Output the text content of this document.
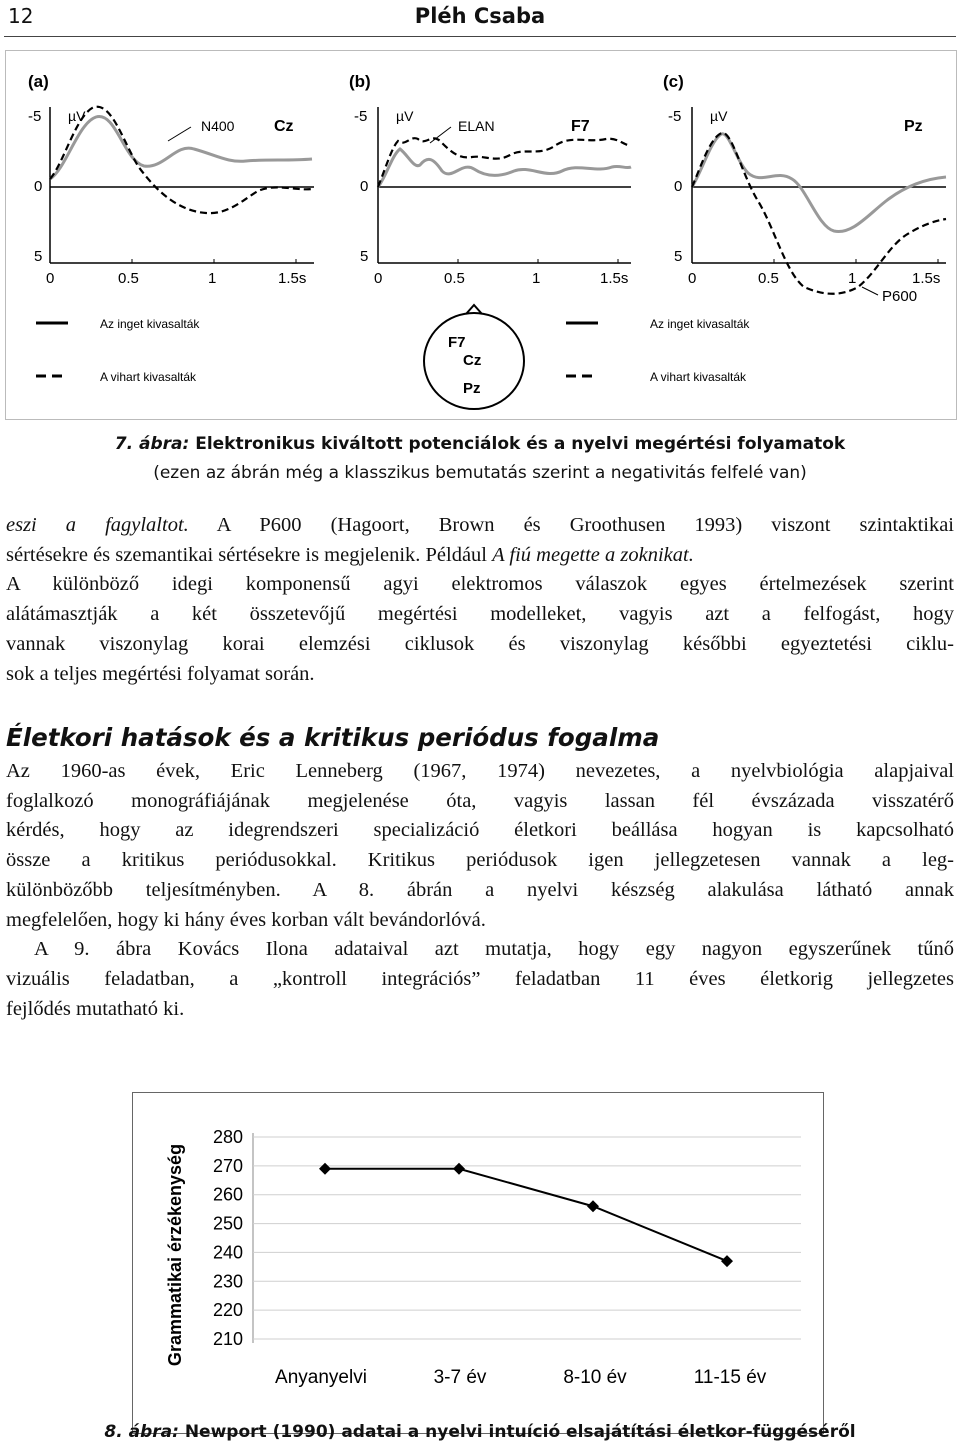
12	Pléh Csaba
(a)
-5
0
5
µV
N400 Cz
0	0.5	1	1.5s
(b)
-5
0
5
µV
ELAN	F7
0	0.5	1	1.5s
(c)
-5
0
5
µV
Pz
0	0.5	1	1.5s
P600
Az inget kivasalták
A vihart kivasalták
Az inget kivasalták
A vihart kivasalták
F7
Cz
Pz
7. ábra: Elektronikus kiváltott potenciálok és a nyelvi megértési folyamatok
(ezen az ábrán még a klasszikus bemutatás szerint a negativitás felfelé van)
eszi a fagylaltot. A P600 (Hagoort, Brown és Groothusen 1993) viszont szintaktikai
sértésekre és szemantikai sértésekre is megjelenik. Például A fiú megette a zoknikat.
A különböző idegi komponensű agyi elektromos válaszok egyes értelmezések szerint
alátámasztják a két összetevőjű megértési modelleket, vagyis azt a felfogást, hogy
vannak viszonylag korai elemzési ciklusok és viszonylag későbbi egyeztetési ciklu-
sok a teljes megértési folyamat során.
Életkori hatások és a kritikus periódus fogalma
Az 1960-as évek, Eric Lenneberg (1967, 1974) nevezetes, a nyelvbiológia alapjaival
foglalkozó monográfiájának megjelenése óta, vagyis lassan fél évszázada visszatérő
kérdés, hogy az idegrendszeri specializáció életkori beállása hogyan is kapcsolható
össze a kritikus periódusokkal. Kritikus periódusok igen jellegzetesen vannak a leg-
különbözőbb teljesítményben. A 8. ábrán a nyelvi készség alakulása látható annak
megfelelően, hogy ki hány éves korban vált bevándorlóvá.
A 9. ábra Kovács Ilona adataival azt mutatja, hogy egy nagyon egyszerűnek tűnő
vizuális feladatban, a „kontroll integrációs” feladatban 11 éves életkorig jellegzetes
fejlődés mutatható ki.
Grammatikai érzékenység
280
270
260
250
240
230
220
210
Anyanyelvi	3-7 év	8-10 év	11-15 év
8. ábra: Newport (1990) adatai a nyelvi intuíció elsajátítási életkor-függéséről
